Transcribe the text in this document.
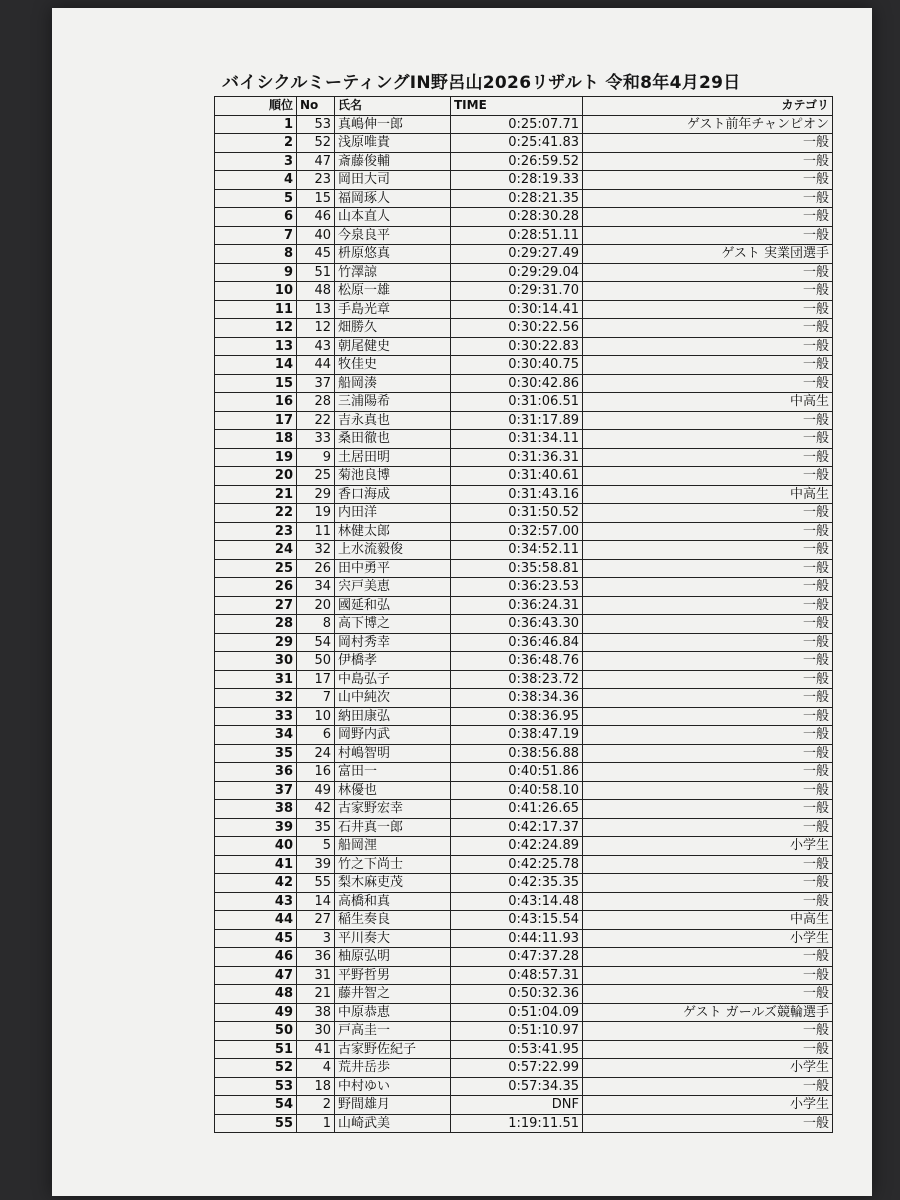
バイシクルミーティングIN野呂山2026リザルト 令和8年4月29日
順位	No	氏名	TIME	カテゴリ
1	53	真嶋伸一郎	0:25:07.71	ゲスト前年チャンピオン
2	52	浅原唯貴	0:25:41.83	一般
3	47	斎藤俊輔	0:26:59.52	一般
4	23	岡田大司	0:28:19.33	一般
5	15	福岡琢人	0:28:21.35	一般
6	46	山本直人	0:28:30.28	一般
7	40	今泉良平	0:28:51.11	一般
8	45	枡原悠真	0:29:27.49	ゲスト 実業団選手
9	51	竹澤諒	0:29:29.04	一般
10	48	松原一雄	0:29:31.70	一般
11	13	手島光章	0:30:14.41	一般
12	12	畑勝久	0:30:22.56	一般
13	43	朝尾健史	0:30:22.83	一般
14	44	牧佳史	0:30:40.75	一般
15	37	船岡湊	0:30:42.86	一般
16	28	三浦陽希	0:31:06.51	中高生
17	22	吉永真也	0:31:17.89	一般
18	33	桑田徹也	0:31:34.11	一般
19	9	土居田明	0:31:36.31	一般
20	25	菊池良博	0:31:40.61	一般
21	29	香口海成	0:31:43.16	中高生
22	19	内田洋	0:31:50.52	一般
23	11	林健太郎	0:32:57.00	一般
24	32	上水流毅俊	0:34:52.11	一般
25	26	田中勇平	0:35:58.81	一般
26	34	宍戸美恵	0:36:23.53	一般
27	20	國延和弘	0:36:24.31	一般
28	8	高下博之	0:36:43.30	一般
29	54	岡村秀幸	0:36:46.84	一般
30	50	伊橋孝	0:36:48.76	一般
31	17	中島弘子	0:38:23.72	一般
32	7	山中純次	0:38:34.36	一般
33	10	納田康弘	0:38:36.95	一般
34	6	岡野内武	0:38:47.19	一般
35	24	村嶋智明	0:38:56.88	一般
36	16	富田一	0:40:51.86	一般
37	49	林優也	0:40:58.10	一般
38	42	古家野宏幸	0:41:26.65	一般
39	35	石井真一郎	0:42:17.37	一般
40	5	船岡浬	0:42:24.89	小学生
41	39	竹之下尚士	0:42:25.78	一般
42	55	梨木麻吏茂	0:42:35.35	一般
43	14	高橋和真	0:43:14.48	一般
44	27	稲生奏良	0:43:15.54	中高生
45	3	平川奏大	0:44:11.93	小学生
46	36	柚原弘明	0:47:37.28	一般
47	31	平野哲男	0:48:57.31	一般
48	21	藤井智之	0:50:32.36	一般
49	38	中原恭恵	0:51:04.09	ゲスト ガールズ競輪選手
50	30	戸高圭一	0:51:10.97	一般
51	41	古家野佐紀子	0:53:41.95	一般
52	4	荒井岳歩	0:57:22.99	小学生
53	18	中村ゆい	0:57:34.35	一般
54	2	野間雄月	DNF	小学生
55	1	山崎武美	1:19:11.51	一般
